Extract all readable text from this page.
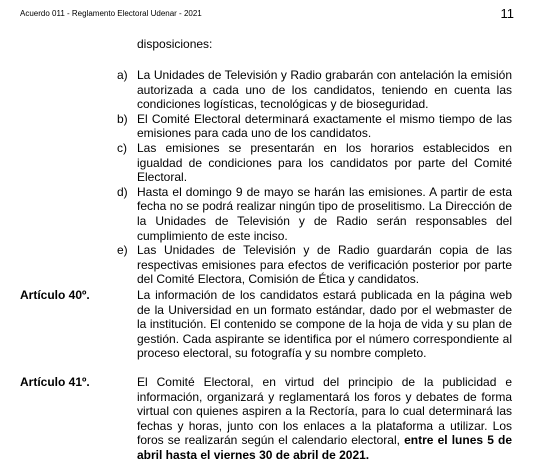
Acuerdo 011 - Reglamento Electoral Udenar - 2021	11
disposiciones:
a) La Unidades de Televisión y Radio grabarán con antelación la emisión autorizada a cada uno de los candidatos, teniendo en cuenta las condiciones logísticas, tecnológicas y de bioseguridad.
b) El Comité Electoral determinará exactamente el mismo tiempo de las emisiones para cada uno de los candidatos.
c) Las emisiones se presentarán en los horarios establecidos en igualdad de condiciones para los candidatos por parte del Comité Electoral.
d) Hasta el domingo 9 de mayo se harán las emisiones. A partir de esta fecha no se podrá realizar ningún tipo de proselitismo. La Dirección de la Unidades de Televisión y de Radio serán responsables del cumplimiento de este inciso.
e) Las Unidades de Televisión y de Radio guardarán copia de las respectivas emisiones para efectos de verificación posterior por parte del Comité Electora, Comisión de Ética y candidatos.
Artículo 40º.	La información de los candidatos estará publicada en la página web de la Universidad en un formato estándar, dado por el webmaster de la institución. El contenido se compone de la hoja de vida y su plan de gestión. Cada aspirante se identifica por el número correspondiente al proceso electoral, su fotografía y su nombre completo.
Artículo 41º.	El Comité Electoral, en virtud del principio de la publicidad e información, organizará y reglamentará los foros y debates de forma virtual con quienes aspiren a la Rectoría, para lo cual determinará las fechas y horas, junto con los enlaces a la plataforma a utilizar. Los foros se realizarán según el calendario electoral, entre el lunes 5 de abril hasta el viernes 30 de abril de 2021.
